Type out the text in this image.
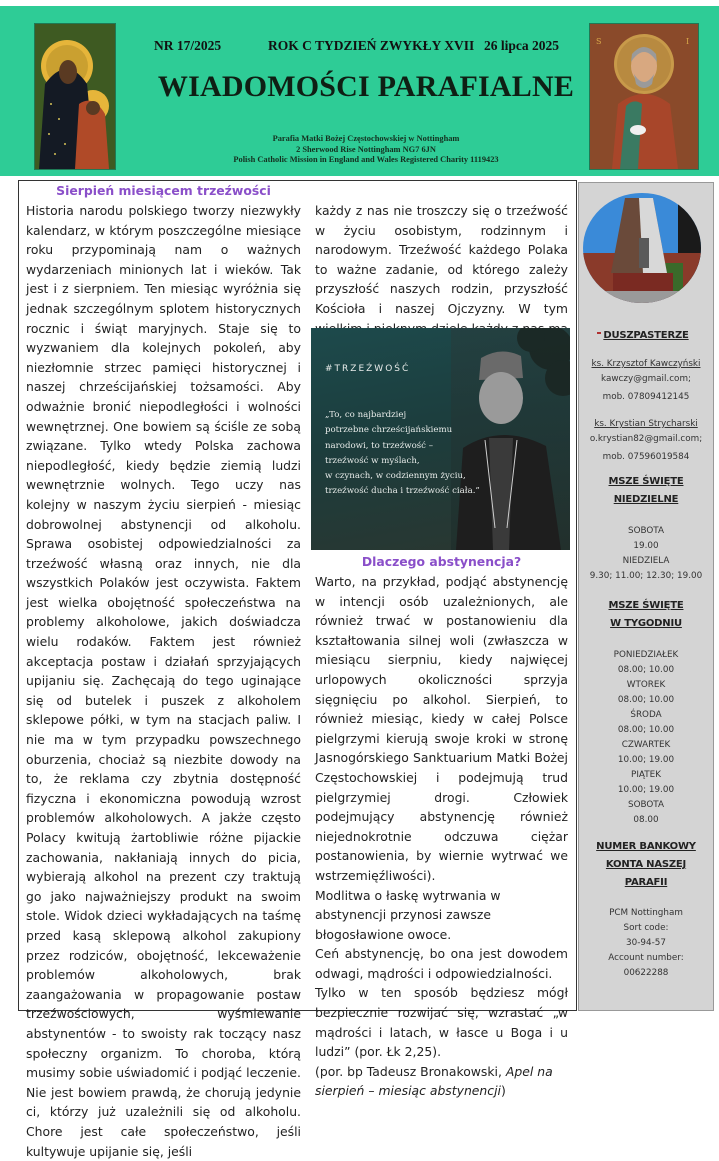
S	I
NR 17/2025	ROK C TYDZIEŃ ZWYKŁY XVII 26 lipca 2025
WIADOMOŚCI PARAFIALNE
Parafia Matki Bożej Częstochowskiej w Nottingham
2 Sherwood Rise Nottingham NG7 6JN
Polish Catholic Mission in England and Wales Registered Charity 1119423
Sierpień miesiącem trzeźwości

Historia narodu polskiego tworzy niezwykły kalendarz, w którym poszczególne miesiące roku przypominają nam o ważnych wydarzeniach minionych lat i wieków. Tak jest i z sierpniem. Ten miesiąc wyróżnia się jednak szczególnym splotem historycznych rocznic i świąt maryjnych. Staje się to wyzwaniem dla kolejnych pokoleń, aby niezłomnie strzec pamięci historycznej i naszej chrześcijańskiej tożsamości. Aby odważnie bronić niepodległości i wolności wewnętrznej. One bowiem są ściśle ze sobą związane. Tylko wtedy Polska zachowa niepodległość, kiedy będzie ziemią ludzi wewnętrznie wolnych. Tego uczy nas kolejny w naszym życiu sierpień - miesiąc dobrowolnej abstynencji od alkoholu. Sprawa osobistej odpowiedzialności za trzeźwość własną oraz innych, nie dla wszystkich Polaków jest oczywista. Faktem jest wielka obojętność społeczeństwa na problemy alkoholowe, jakich doświadcza wielu rodaków. Faktem jest również akceptacja postaw i działań sprzyjających upijaniu się. Zachęcają do tego uginające się od butelek i puszek z alkoholem sklepowe półki, w tym na stacjach paliw. I nie ma w tym przypadku powszechnego oburzenia, chociaż są niezbite dowody na to, że reklama czy zbytnia dostępność fizyczna i ekonomiczna powodują wzrost problemów alkoholowych. A jakże często Polacy kwitują żartobliwie różne pijackie zachowania, nakłaniają innych do picia, wybierają alkohol na prezent czy traktują go jako najważniejszy produkt na swoim stole. Widok dzieci wykładających na taśmę przed kasą sklepową alkohol zakupiony przez rodziców, obojętność, lekceważenie problemów alkoholowych, brak zaangażowania w propagowanie postaw trzeźwościowych, wyśmiewanie abstynentów - to swoisty rak toczący nasz społeczny organizm. To choroba, którą musimy sobie uświadomić i podjąć leczenie. Nie jest bowiem prawdą, że chorują jedynie ci, którzy już uzależnili się od alkoholu. Chore jest całe społeczeństwo, jeśli kultywuje upijanie się, jeśli

każdy z nas nie troszczy się o trzeźwość w życiu osobistym, rodzinnym i narodowym. Trzeźwość każdego Polaka to ważne zadanie, od którego zależy przyszłość naszych rodzin, przyszłość Kościoła i naszej Ojczyzny. W tym

#TRZEŹWOŚĆ
„To, co najbardziej
potrzebne chrześcijańskiemu
narodowi, to trzeźwość –
trzeźwość w myślach,
w czynach, w codziennym życiu,
trzeźwość ducha i trzeźwość ciała.”
Dlaczego abstynencja?

Warto, na przykład, podjąć abstynencję w intencji osób uzależnionych, ale również trwać w postanowieniu dla kształtowania silnej woli (zwłaszcza w miesiącu sierpniu, kiedy najwięcej urlopowych okoliczności sprzyja sięgnięciu po alkohol. Sierpień, to również miesiąc, kiedy w całej Polsce pielgrzymi kierują swoje kroki w stronę Jasnogórskiego Sanktuarium Matki Bożej Częstochowskiej i podejmują trud pielgrzymiej drogi. Człowiek podejmujący abstynencję również niejednokrotnie odczuwa ciężar postanowienia, by wiernie wytrwać we wstrzemięźliwości).

Modlitwa o łaskę wytrwania w abstynencji przynosi zawsze błogosławione owoce.

Ceń abstynencję, bo ona jest dowodem odwagi, mądrości i odpowiedzialności.

Tylko w ten sposób będziesz mógł bezpiecznie rozwijać się, wzrastać „w mądrości i latach, w łasce u Boga i u ludzi” (por. Łk 2,25).

(por. bp Tadeusz Bronakowski, Apel na sierpień – miesiąc abstynencji)

DUSZPASTERZE
ks. Krzysztof Kawczyński
kawczy@gmail.com;
mob. 07809412145
ks. Krystian Strycharski
o.krystian82@gmail.com;
mob. 07596019584
MSZE ŚWIĘTE
NIEDZIELNE
SOBOTA
19.00
NIEDZIELA
9.30; 11.00; 12.30; 19.00
MSZE ŚWIĘTE
W TYGODNIU
PONIEDZIAŁEK
08.00; 10.00
WTOREK
08.00; 10.00
ŚRODA
08.00; 10.00
CZWARTEK
10.00; 19.00
PIĄTEK
10.00; 19.00
SOBOTA
08.00
NUMER BANKOWY
KONTA NASZEJ
PARAFII
PCM Nottingham
Sort code:
30-94-57
Account number:
00622288
